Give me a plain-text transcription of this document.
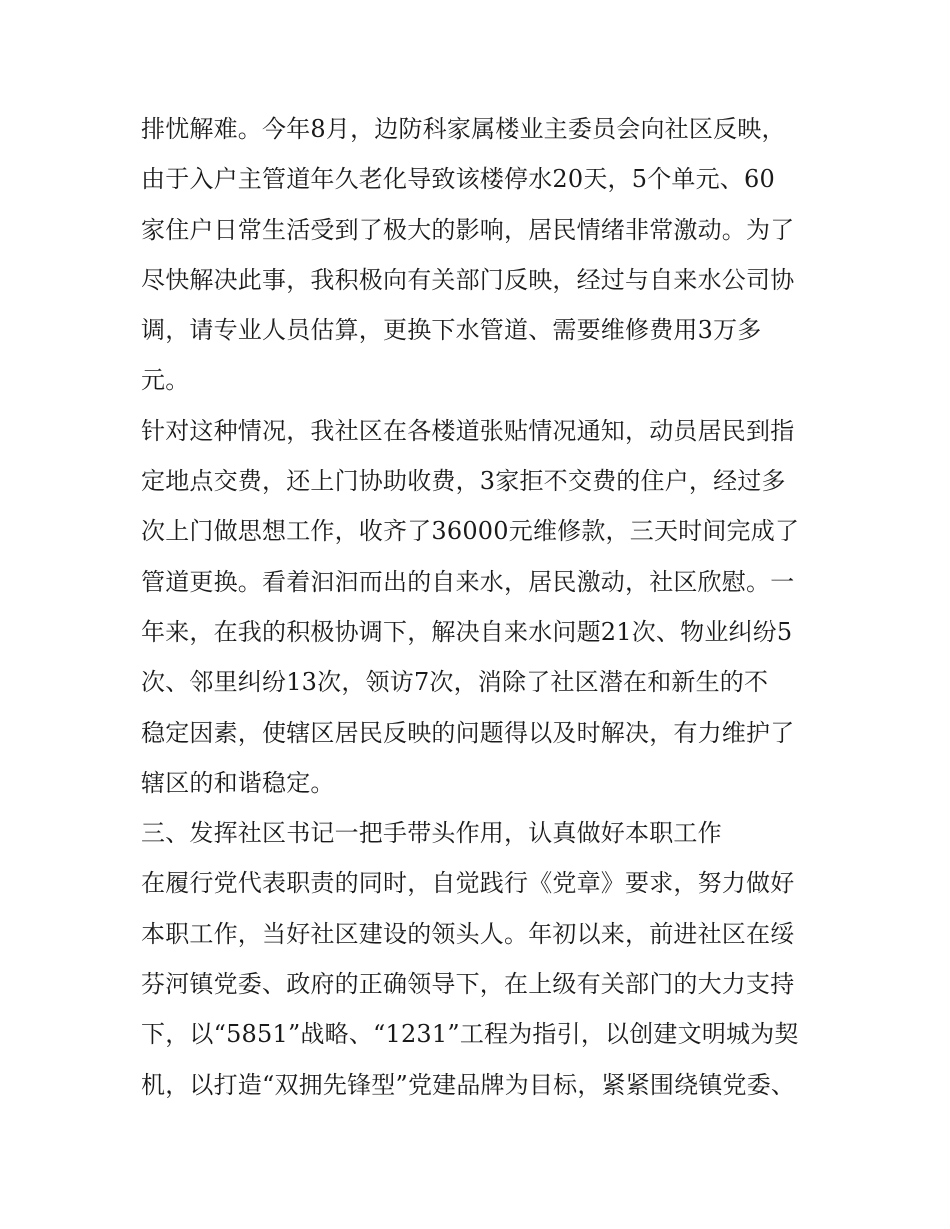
排忧解难。今年8月，边防科家属楼业主委员会向社区反映，
由于入户主管道年久老化导致该楼停水20天，5个单元、60
家住户日常生活受到了极大的影响，居民情绪非常激动。为了
尽快解决此事，我积极向有关部门反映，经过与自来水公司协
调，请专业人员估算，更换下水管道、需要维修费用3万多
元。
针对这种情况，我社区在各楼道张贴情况通知，动员居民到指
定地点交费，还上门协助收费，3家拒不交费的住户，经过多
次上门做思想工作，收齐了36000元维修款，三天时间完成了
管道更换。看着汩汩而出的自来水，居民激动，社区欣慰。一
年来，在我的积极协调下，解决自来水问题21次、物业纠纷5
次、邻里纠纷13次，领访7次，消除了社区潜在和新生的不
稳定因素，使辖区居民反映的问题得以及时解决，有力维护了
辖区的和谐稳定。
三、发挥社区书记一把手带头作用，认真做好本职工作
在履行党代表职责的同时，自觉践行《党章》要求，努力做好
本职工作，当好社区建设的领头人。年初以来，前进社区在绥
芬河镇党委、政府的正确领导下，在上级有关部门的大力支持
下，以“5851”战略、“1231”工程为指引，以创建文明城为契
机，以打造“双拥先锋型”党建品牌为目标，紧紧围绕镇党委、
